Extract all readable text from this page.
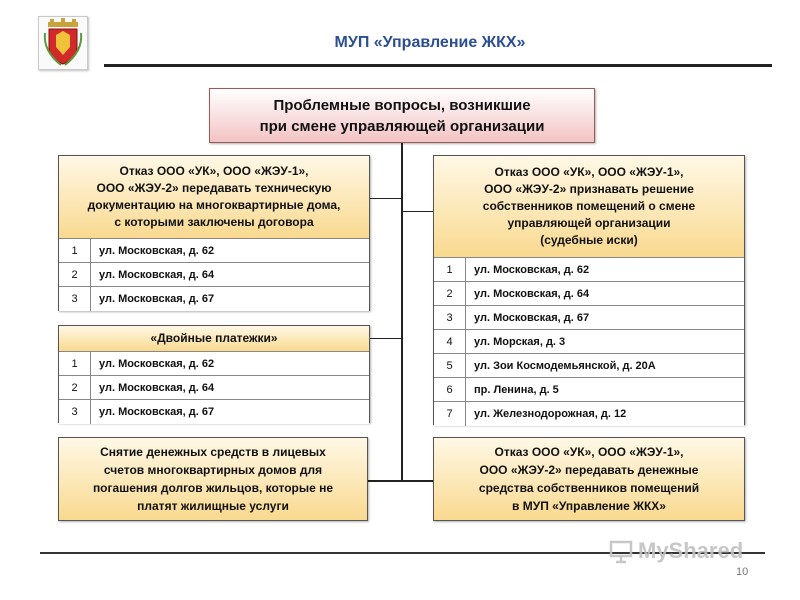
МУП «Управление ЖКХ»
Проблемные вопросы, возникшие
при смене управляющей организации
Отказ ООО «УК», ООО «ЖЭУ-1»,
ООО «ЖЭУ-2» передавать техническую
документацию на многоквартирные дома,
с которыми заключены договора
1	ул. Московская, д. 62
2	ул. Московская, д. 64
3	ул. Московская, д. 67
«Двойные платежки»
1	ул. Московская, д. 62
2	ул. Московская, д. 64
3	ул. Московская, д. 67
Снятие денежных средств в лицевых
счетов многоквартирных домов для
погашения долгов жильцов, которые не
платят жилищные услуги
Отказ ООО «УК», ООО «ЖЭУ-1»,
ООО «ЖЭУ-2» признавать решение
собственников помещений о смене
управляющей организации
(судебные иски)
1	ул. Московская, д. 62
2	ул. Московская, д. 64
3	ул. Московская, д. 67
4	ул. Морская, д. 3
5	ул. Зои Космодемьянской, д. 20А
6	пр. Ленина, д. 5
7	ул. Железнодорожная, д. 12
Отказ ООО «УК», ООО «ЖЭУ-1»,
ООО «ЖЭУ-2» передавать денежные
средства собственников помещений
в МУП «Управление ЖКХ»
MyShared
10
